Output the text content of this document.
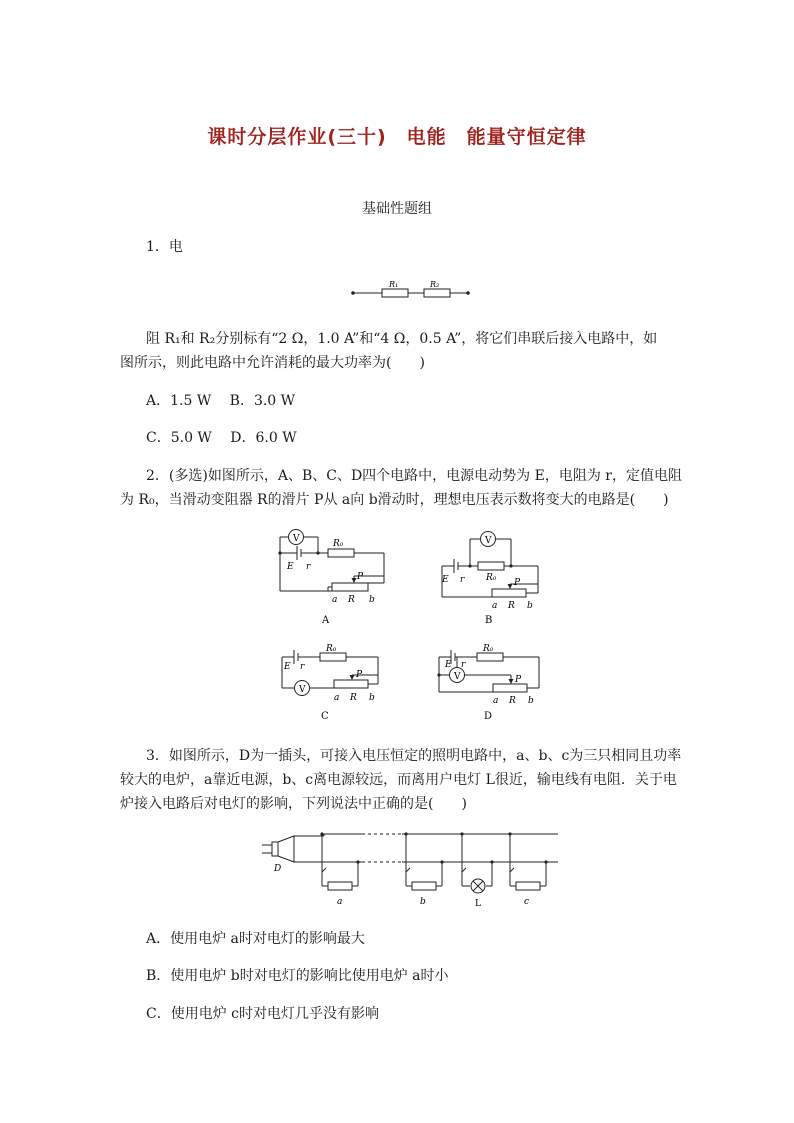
课时分层作业(三十)　电能　能量守恒定律
基础性题组
1．电
R₁	R₂
阻 R₁和 R₂分别标有“2 Ω，1.0 A”和“4 Ω，0.5 A”，将它们串联后接入电路中，如
图所示，则此电路中允许消耗的最大功率为(　　)
A．1.5 W　 B．3.0 W
C．5.0 W　 D．6.0 W
2．(多选)如图所示，A、B、C、D四个电路中，电源电动势为 E，电阻为 r，定值电阻
为 R₀，当滑动变阻器 R的滑片 P从 a向 b滑动时，理想电压表示数将变大的电路是(　　)
V	R₀
E r
P
a R b
A
V
R₀
E r	P
a R b
B
V
R₀
E r
P
a R b
C
V
R₀
E r
P
a R b
D
3．如图所示，D为一插头，可接入电压恒定的照明电路中，a、b、c为三只相同且功率
较大的电炉，a靠近电源，b、c离电源较远，而离用户电灯 L很近，输电线有电阻．关于电
炉接入电路后对电灯的影响，下列说法中正确的是(　　)
D
a	b	L	c
A．使用电炉 a时对电灯的影响最大
B．使用电炉 b时对电灯的影响比使用电炉 a时小
C．使用电炉 c时对电灯几乎没有影响
